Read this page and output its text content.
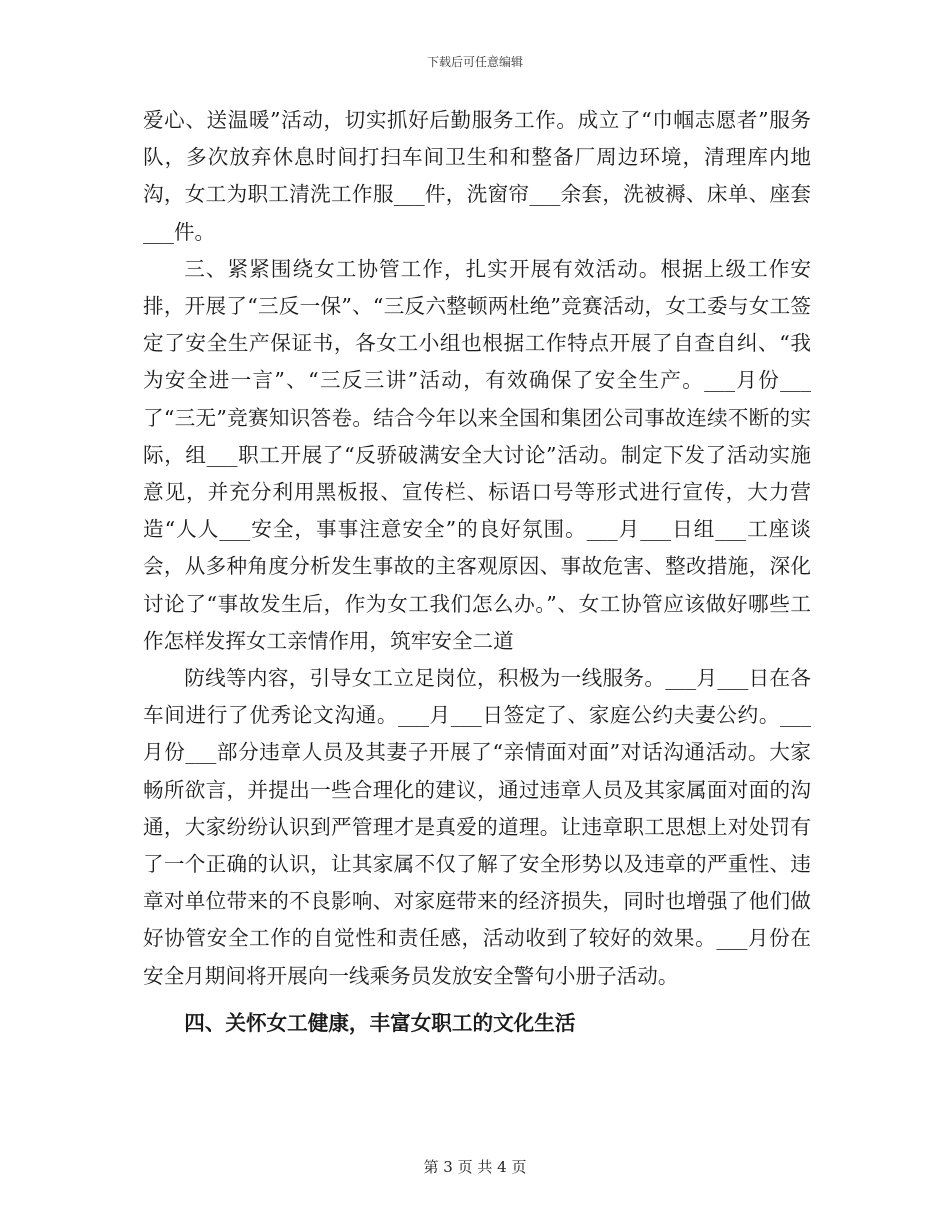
下载后可任意编辑

爱心、送温暖”活动，切实抓好后勤服务工作。成立了“巾帼志愿者”服务队，多次放弃休息时间打扫车间卫生和和整备厂周边环境，清理库内地沟，女工为职工清洗工作服___件，洗窗帘___余套，洗被褥、床单、座套___件。

三、紧紧围绕女工协管工作，扎实开展有效活动。根据上级工作安排，开展了“三反一保”、“三反六整顿两杜绝”竞赛活动，女工委与女工签定了安全生产保证书，各女工小组也根据工作特点开展了自查自纠、“我为安全进一言”、“三反三讲”活动，有效确保了安全生产。___月份___了“三无”竞赛知识答卷。结合今年以来全国和集团公司事故连续不断的实际，组___职工开展了“反骄破满安全大讨论”活动。制定下发了活动实施意见，并充分利用黑板报、宣传栏、标语口号等形式进行宣传，大力营造“人人___安全，事事注意安全”的良好氛围。___月___日组___工座谈会，从多种角度分析发生事故的主客观原因、事故危害、整改措施，深化讨论了“事故发生后，作为女工我们怎么办。”、女工协管应该做好哪些工作怎样发挥女工亲情作用，筑牢安全二道

防线等内容，引导女工立足岗位，积极为一线服务。___月___日在各车间进行了优秀论文沟通。___月___日签定了、家庭公约夫妻公约。___月份___部分违章人员及其妻子开展了“亲情面对面”对话沟通活动。大家畅所欲言，并提出一些合理化的建议，通过违章人员及其家属面对面的沟通，大家纷纷认识到严管理才是真爱的道理。让违章职工思想上对处罚有了一个正确的认识，让其家属不仅了解了安全形势以及违章的严重性、违章对单位带来的不良影响、对家庭带来的经济损失，同时也增强了他们做好协管安全工作的自觉性和责任感，活动收到了较好的效果。___月份在安全月期间将开展向一线乘务员发放安全警句小册子活动。

四、关怀女工健康，丰富女职工的文化生活

第 3 页 共 4 页
